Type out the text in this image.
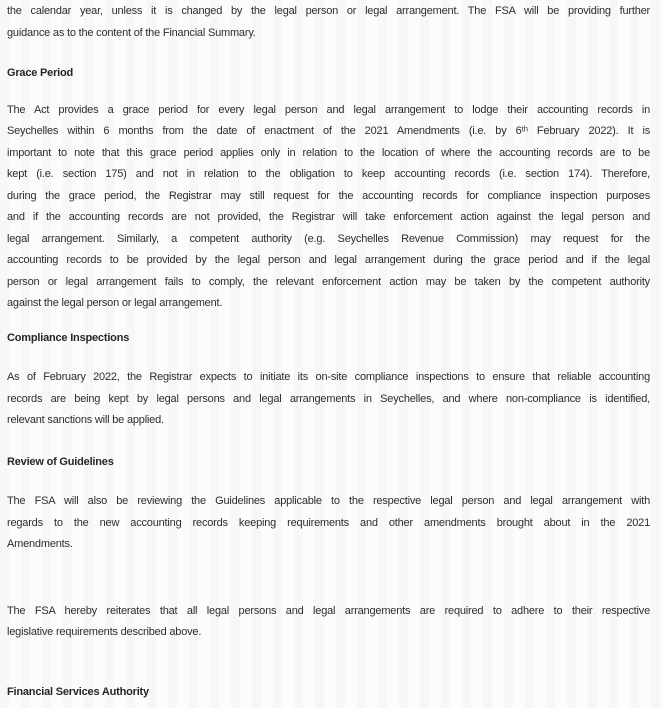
the calendar year, unless it is changed by the legal person or legal arrangement. The FSA will be providing further
guidance as to the content of the Financial Summary.
Grace Period
The Act provides a grace period for every legal person and legal arrangement to lodge their accounting records in
Seychelles within 6 months from the date of enactment of the 2021 Amendments (i.e. by 6ᵗʰ February 2022). It is
important to note that this grace period applies only in relation to the location of where the accounting records are to be
kept (i.e. section 175) and not in relation to the obligation to keep accounting records (i.e. section 174). Therefore,
during the grace period, the Registrar may still request for the accounting records for compliance inspection purposes
and if the accounting records are not provided, the Registrar will take enforcement action against the legal person and
legal arrangement. Similarly, a competent authority (e.g. Seychelles Revenue Commission) may request for the
accounting records to be provided by the legal person and legal arrangement during the grace period and if the legal
person or legal arrangement fails to comply, the relevant enforcement action may be taken by the competent authority
against the legal person or legal arrangement.
Compliance Inspections
As of February 2022, the Registrar expects to initiate its on-site compliance inspections to ensure that reliable accounting
records are being kept by legal persons and legal arrangements in Seychelles, and where non-compliance is identified,
relevant sanctions will be applied.
Review of Guidelines
The FSA will also be reviewing the Guidelines applicable to the respective legal person and legal arrangement with
regards to the new accounting records keeping requirements and other amendments brought about in the 2021
Amendments.
The FSA hereby reiterates that all legal persons and legal arrangements are required to adhere to their respective
legislative requirements described above.
Financial Services Authority
